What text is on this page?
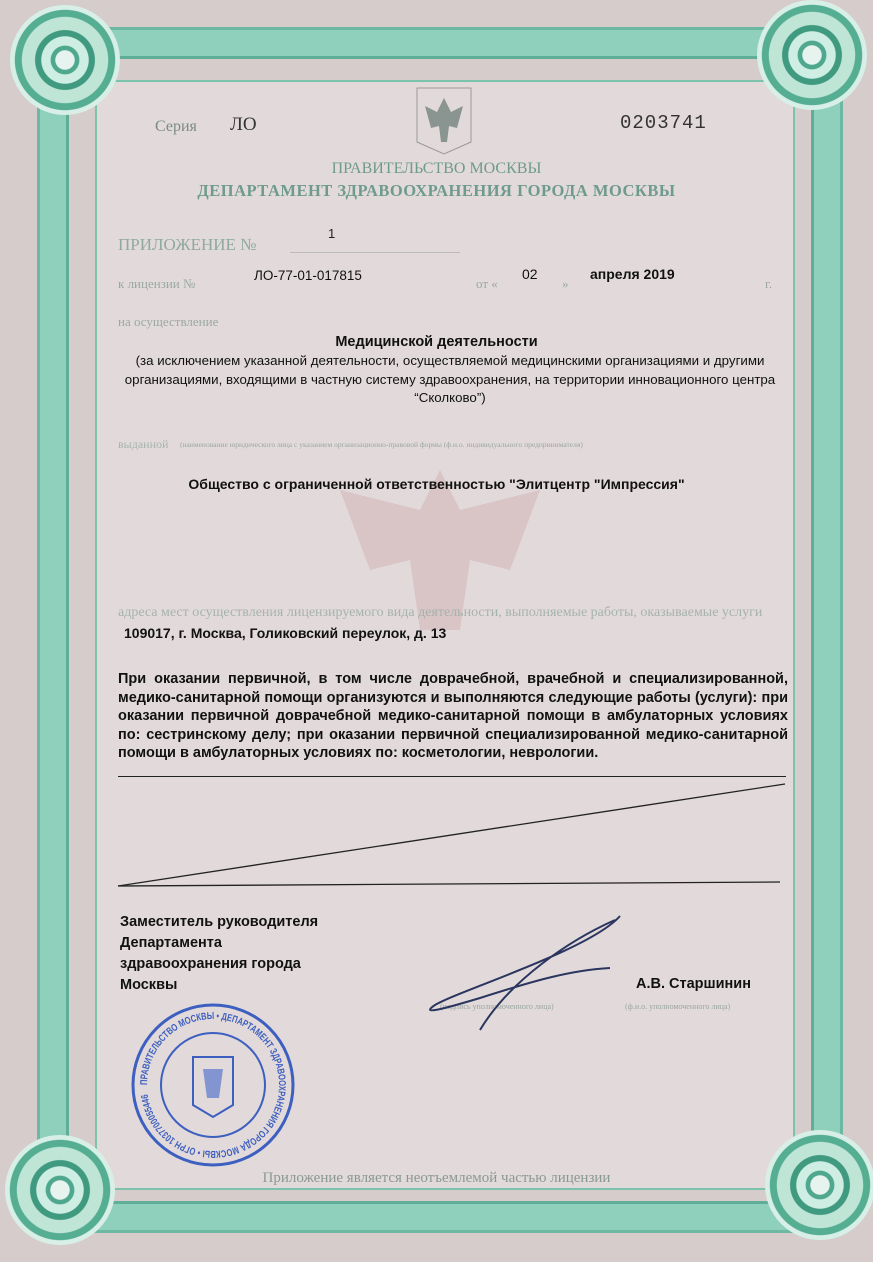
Серия ЛО	0203741
ПРАВИТЕЛЬСТВО МОСКВЫ
ДЕПАРТАМЕНТ ЗДРАВООХРАНЕНИЯ ГОРОДА МОСКВЫ
ПРИЛОЖЕНИЕ №
1
к лицензии №
ЛО-77-01-017815
от «
02
»
апреля 2019
г.
на осуществление
Медицинской деятельности
(за исключением указанной деятельности, осуществляемой медицинскими организациями и другими организациями, входящими в частную систему здравоохранения, на территории инновационного центра “Сколково”)
выданной (наименование юридического лица с указанием организационно-правовой формы (ф.и.о. индивидуального предпринимателя)
Общество с ограниченной ответственностью "Элитцентр "Импрессия"
адреса мест осуществления лицензируемого вида деятельности, выполняемые работы, оказываемые услуги 109017, г. Москва, Голиковский переулок, д. 13
При оказании первичной, в том числе доврачебной, врачебной и специализированной, медико-санитарной помощи организуются и выполняются следующие работы (услуги): при оказании первичной доврачебной медико-санитарной помощи в амбулаторных условиях по: сестринскому делу; при оказании первичной специализированной медико-санитарной помощи в амбулаторных условиях по: косметологии, неврологии.
Заместитель руководителя
Департамента
здравоохранения города
Москвы	А.В. Старшинин
(подпись уполномоченного лица)	(ф.и.о. уполномоченного лица)
ПРАВИТЕЛЬСТВО МОСКВЫ • ДЕПАРТАМЕНТ ЗДРАВООХРАНЕНИЯ ГОРОДА МОСКВЫ • ОГРН 1037700055446
Приложение является неотъемлемой частью лицензии
